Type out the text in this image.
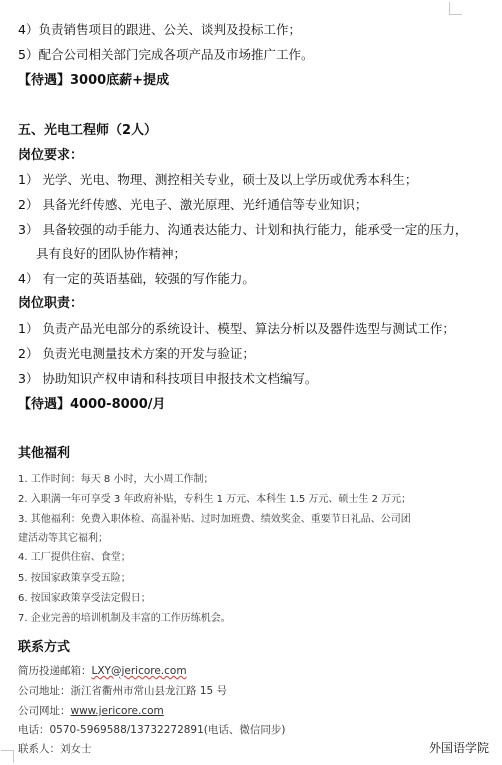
4）负责销售项目的跟进、公关、谈判及投标工作；
5）配合公司相关部门完成各项产品及市场推广工作。
【待遇】3000底薪+提成
五、光电工程师（2人）
岗位要求：
1） 光学、光电、物理、测控相关专业，硕士及以上学历或优秀本科生；
2） 具备光纤传感、光电子、激光原理、光纤通信等专业知识；
3） 具备较强的动手能力、沟通表达能力、计划和执行能力，能承受一定的压力，
具有良好的团队协作精神；
4） 有一定的英语基础，较强的写作能力。
岗位职责：
1） 负责产品光电部分的系统设计、模型、算法分析以及器件选型与测试工作；
2） 负责光电测量技术方案的开发与验证；
3） 协助知识产权申请和科技项目申报技术文档编写。
【待遇】4000-8000/月
其他福利
1. 工作时间：每天 8 小时，大小周工作制；
2. 入职满一年可享受 3 年政府补贴，专科生 1 万元、本科生 1.5 万元、硕士生 2 万元；
3. 其他福利：免费入职体检、高温补贴、过时加班费、绩效奖金、重要节日礼品、公司团
建活动等其它福利；
4. 工厂提供住宿、食堂；
5. 按国家政策享受五险；
6. 按国家政策享受法定假日；
7. 企业完善的培训机制及丰富的工作历练机会。
联系方式
简历投递邮箱：LXY@jericore.com
公司地址：浙江省衢州市常山县龙江路 15 号
公司网址：www.jericore.com
电话：0570-5969588/13732272891(电话、微信同步)
联系人：刘女士	外国语学院
